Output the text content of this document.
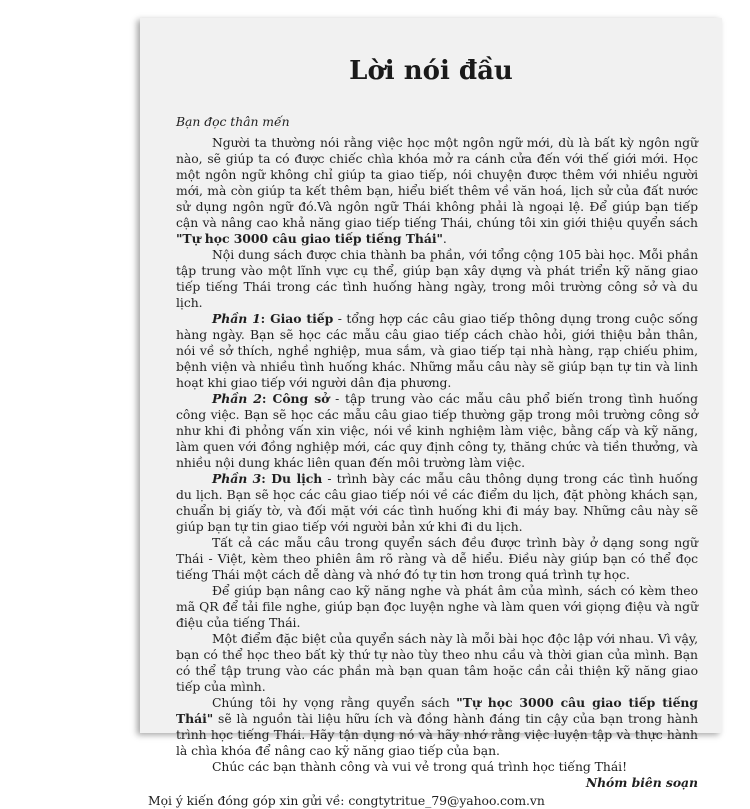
Lời nói đầu

Bạn đọc thân mến

Người ta thường nói rằng việc học một ngôn ngữ mới, dù là bất kỳ ngôn ngữ nào, sẽ giúp ta có được chiếc chìa khóa mở ra cánh cửa đến với thế giới mới. Học một ngôn ngữ không chỉ giúp ta giao tiếp, nói chuyện được thêm với nhiều người mới, mà còn giúp ta kết thêm bạn, hiểu biết thêm về văn hoá, lịch sử của đất nước sử dụng ngôn ngữ đó.Và ngôn ngữ Thái không phải là ngoại lệ. Để giúp bạn tiếp cận và nâng cao khả năng giao tiếp tiếng Thái, chúng tôi xin giới thiệu quyển sách "Tự học 3000 câu giao tiếp tiếng Thái".

Nội dung sách được chia thành ba phần, với tổng cộng 105 bài học. Mỗi phần tập trung vào một lĩnh vực cụ thể, giúp bạn xây dựng và phát triển kỹ năng giao tiếp tiếng Thái trong các tình huống hàng ngày, trong môi trường công sở và du lịch.

Phần 1: Giao tiếp - tổng hợp các câu giao tiếp thông dụng trong cuộc sống hàng ngày. Bạn sẽ học các mẫu câu giao tiếp cách chào hỏi, giới thiệu bản thân, nói về sở thích, nghề nghiệp, mua sắm, và giao tiếp tại nhà hàng, rạp chiếu phim, bệnh viện và nhiều tình huống khác. Những mẫu câu này sẽ giúp bạn tự tin và linh hoạt khi giao tiếp với người dân địa phương.

Phần 2: Công sở - tập trung vào các mẫu câu phổ biến trong tình huống công việc. Bạn sẽ học các mẫu câu giao tiếp thường gặp trong môi trường công sở như khi đi phỏng vấn xin việc, nói về kinh nghiệm làm việc, bằng cấp và kỹ năng, làm quen với đồng nghiệp mới, các quy định công ty, thăng chức và tiền thưởng, và nhiều nội dung khác liên quan đến môi trường làm việc.

Phần 3: Du lịch - trình bày các mẫu câu thông dụng trong các tình huống du lịch. Bạn sẽ học các câu giao tiếp nói về các điểm du lịch, đặt phòng khách sạn, chuẩn bị giấy tờ, và đối mặt với các tình huống khi đi máy bay. Những câu này sẽ giúp bạn tự tin giao tiếp với người bản xứ khi đi du lịch.

Tất cả các mẫu câu trong quyển sách đều được trình bày ở dạng song ngữ Thái - Việt, kèm theo phiên âm rõ ràng và dễ hiểu. Điều này giúp bạn có thể đọc tiếng Thái một cách dễ dàng và nhớ đó tự tin hơn trong quá trình tự học.

Để giúp bạn nâng cao kỹ năng nghe và phát âm của mình, sách có kèm theo mã QR để tải file nghe, giúp bạn đọc luyện nghe và làm quen với giọng điệu và ngữ điệu của tiếng Thái.

Một điểm đặc biệt của quyển sách này là mỗi bài học độc lập với nhau. Vì vậy, bạn có thể học theo bất kỳ thứ tự nào tùy theo nhu cầu và thời gian của mình. Bạn có thể tập trung vào các phần mà bạn quan tâm hoặc cần cải thiện kỹ năng giao tiếp của mình.

Chúng tôi hy vọng rằng quyển sách "Tự học 3000 câu giao tiếp tiếng Thái" sẽ là nguồn tài liệu hữu ích và đồng hành đáng tin cậy của bạn trong hành trình học tiếng Thái. Hãy tận dụng nó và hãy nhớ rằng việc luyện tập và thực hành là chìa khóa để nâng cao kỹ năng giao tiếp của bạn.

Chúc các bạn thành công và vui vẻ trong quá trình học tiếng Thái!

Nhóm biên soạn

Mọi ý kiến đóng góp xin gửi về: congtytritue_79@yahoo.com.vn
